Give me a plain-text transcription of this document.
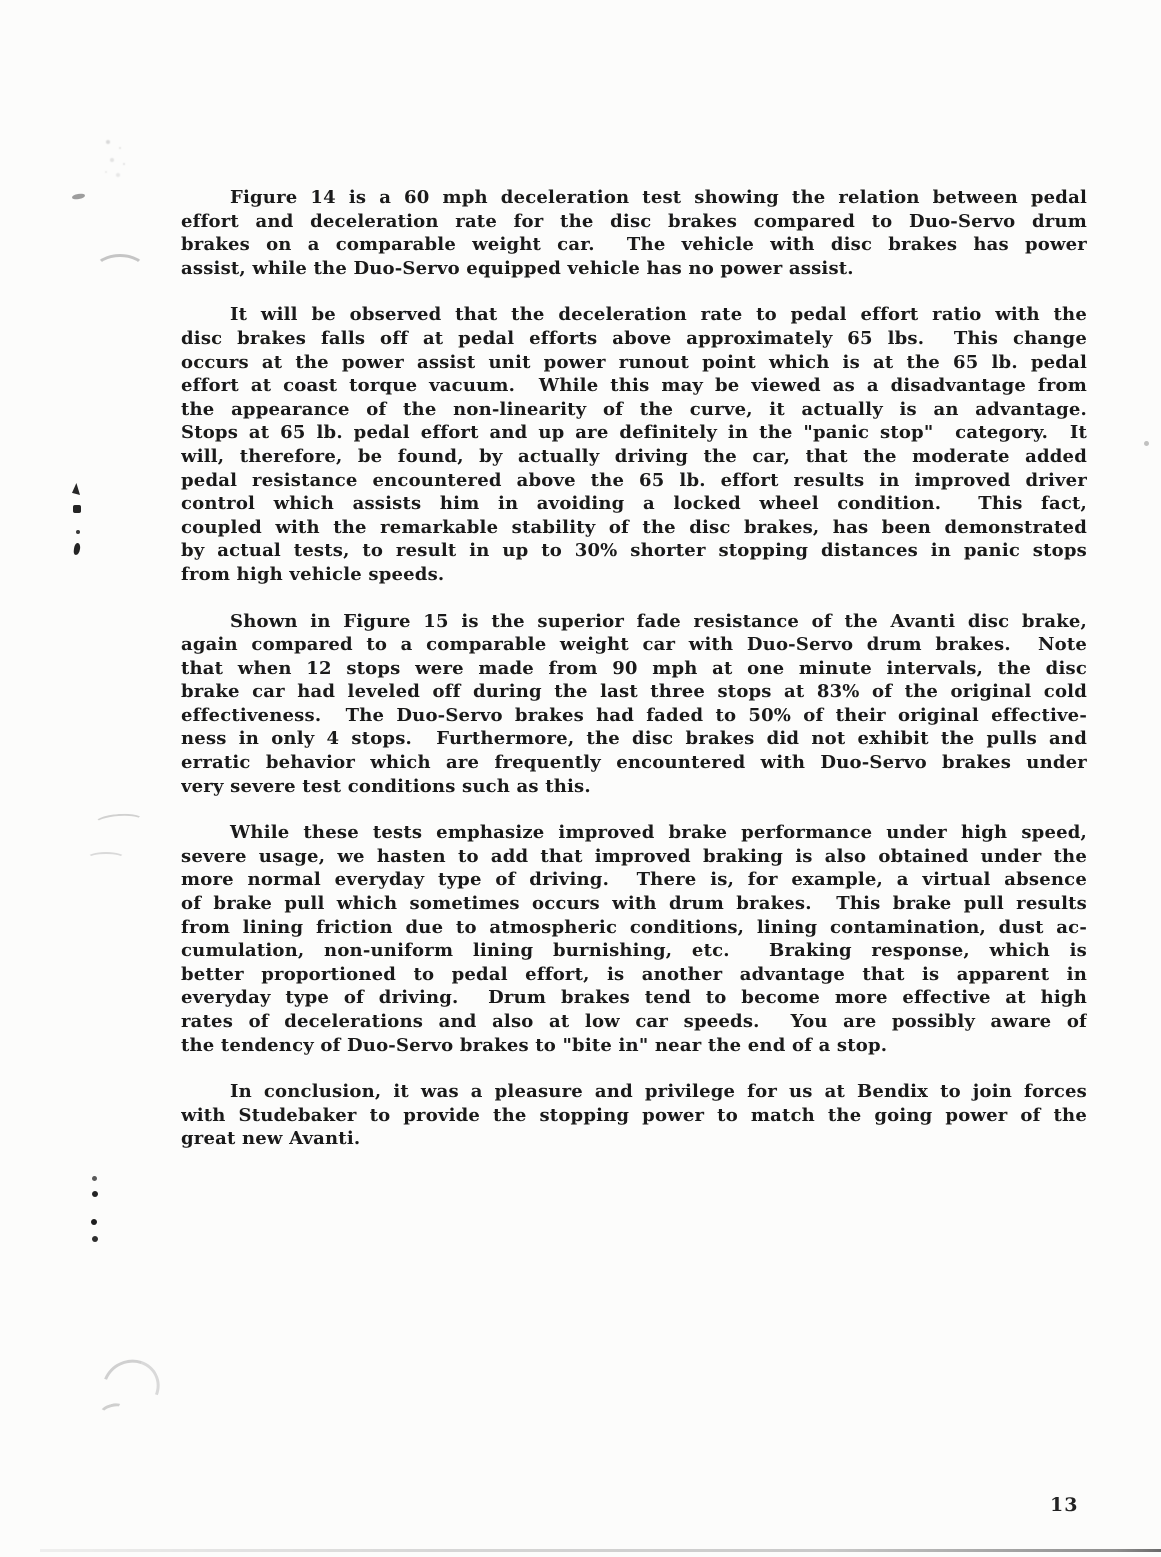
Figure 14 is a 60 mph deceleration test showing the relation between pedal
effort and deceleration rate for the disc brakes compared to Duo-Servo drum
brakes on a comparable weight car.  The vehicle with disc brakes has power
assist, while the Duo-Servo equipped vehicle has no power assist.
It will be observed that the deceleration rate to pedal effort ratio with the
disc brakes falls off at pedal efforts above approximately 65 lbs.  This change
occurs at the power assist unit power runout point which is at the 65 lb. pedal
effort at coast torque vacuum.  While this may be viewed as a disadvantage from
the appearance of the non-linearity of the curve, it actually is an advantage.
Stops at 65 lb. pedal effort and up are definitely in the "panic stop"  category.  It
will, therefore, be found, by actually driving the car, that the moderate added
pedal resistance encountered above the 65 lb. effort results in improved driver
control which assists him in avoiding a locked wheel condition.  This fact,
coupled with the remarkable stability of the disc brakes, has been demonstrated
by actual tests, to result in up to 30% shorter stopping distances in panic stops
from high vehicle speeds.
Shown in Figure 15 is the superior fade resistance of the Avanti disc brake,
again compared to a comparable weight car with Duo-Servo drum brakes.  Note
that when 12 stops were made from 90 mph at one minute intervals, the disc
brake car had leveled off during the last three stops at 83% of the original cold
effectiveness.  The Duo-Servo brakes had faded to 50% of their original effective-
ness in only 4 stops.  Furthermore, the disc brakes did not exhibit the pulls and
erratic behavior which are frequently encountered with Duo-Servo brakes under
very severe test conditions such as this.
While these tests emphasize improved brake performance under high speed,
severe usage, we hasten to add that improved braking is also obtained under the
more normal everyday type of driving.  There is, for example, a virtual absence
of brake pull which sometimes occurs with drum brakes.  This brake pull results
from lining friction due to atmospheric conditions, lining contamination, dust ac-
cumulation, non-uniform lining burnishing, etc.  Braking response, which is
better proportioned to pedal effort, is another advantage that is apparent in
everyday type of driving.  Drum brakes tend to become more effective at high
rates of decelerations and also at low car speeds.  You are possibly aware of
the tendency of Duo-Servo brakes to "bite in" near the end of a stop.
In conclusion, it was a pleasure and privilege for us at Bendix to join forces
with Studebaker to provide the stopping power to match the going power of the
great new Avanti.
13
